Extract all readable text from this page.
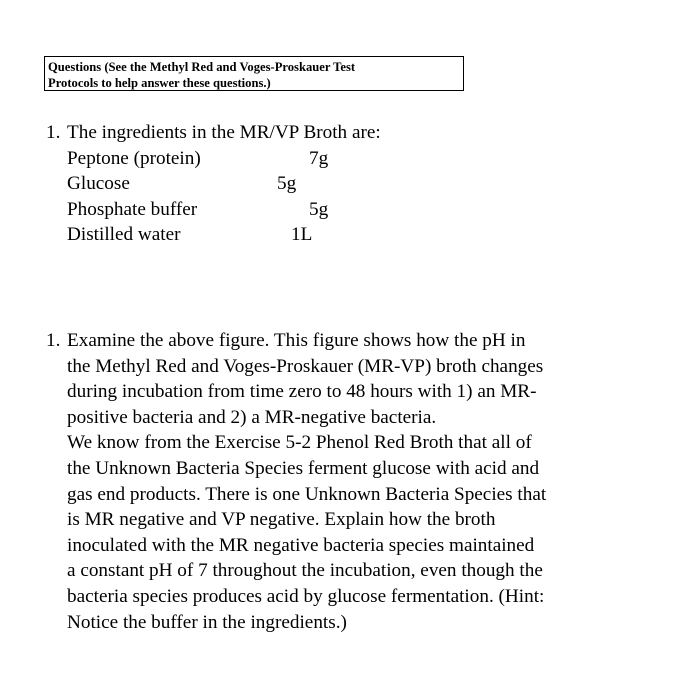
Questions (See the Methyl Red and Voges-Proskauer Test
Protocols to help answer these questions.)
1. The ingredients in the MR/VP Broth are:
Peptone (protein)	7g
Glucose	5g
Phosphate buffer	5g
Distilled water	1L
1. Examine the above figure. This figure shows how the pH in
the Methyl Red and Voges-Proskauer (MR-VP) broth changes
during incubation from time zero to 48 hours with 1) an MR-
positive bacteria and 2) a MR-negative bacteria.
We know from the Exercise 5-2 Phenol Red Broth that all of
the Unknown Bacteria Species ferment glucose with acid and
gas end products. There is one Unknown Bacteria Species that
is MR negative and VP negative. Explain how the broth
inoculated with the MR negative bacteria species maintained
a constant pH of 7 throughout the incubation, even though the
bacteria species produces acid by glucose fermentation. (Hint:
Notice the buffer in the ingredients.)
